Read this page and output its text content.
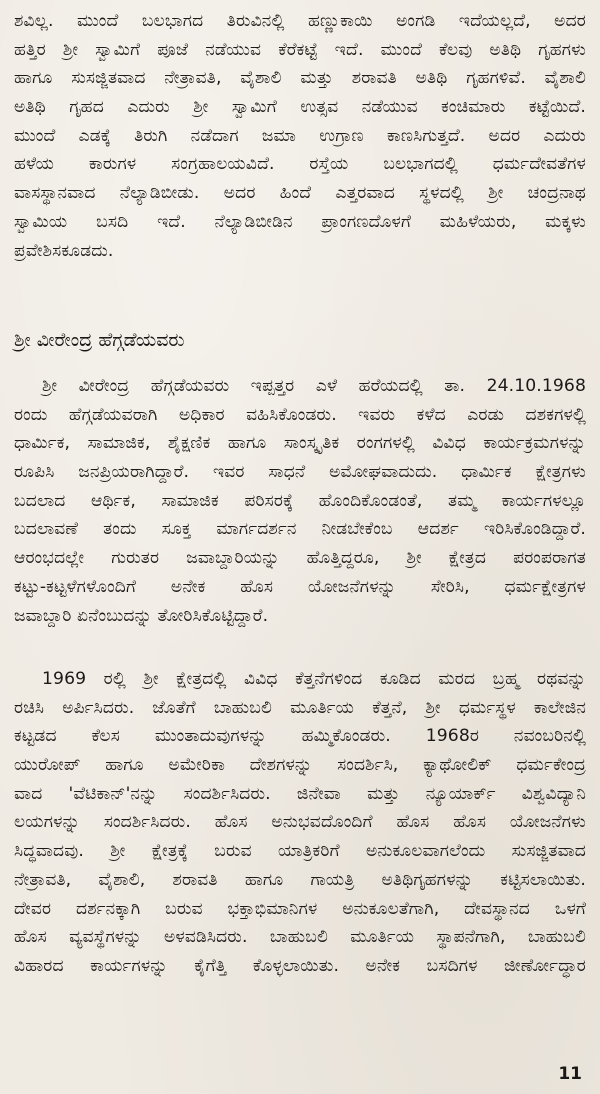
ಶವಿಲ್ಲ. ಮುಂದೆ ಬಲಭಾಗದ ತಿರುವಿನಲ್ಲಿ ಹಣ್ಣುಕಾಯಿ ಅಂಗಡಿ ಇದೆಯಲ್ಲದೆ, ಅದರ
ಹತ್ತಿರ ಶ್ರೀ ಸ್ವಾಮಿಗೆ ಪೂಜೆ ನಡೆಯುವ ಕೆರೆಕಟ್ಟೆ ಇದೆ. ಮುಂದೆ ಕೆಲವು ಅತಿಥಿ ಗೃಹಗಳು
ಹಾಗೂ ಸುಸಜ್ಜಿತವಾದ ನೇತ್ರಾವತಿ, ವೈಶಾಲಿ ಮತ್ತು ಶರಾವತಿ ಅತಿಥಿ ಗೃಹಗಳಿವೆ. ವೈಶಾಲಿ
ಅತಿಥಿ ಗೃಹದ ಎದುರು ಶ್ರೀ ಸ್ವಾಮಿಗೆ ಉತ್ಸವ ನಡೆಯುವ ಕಂಚಿಮಾರು ಕಟ್ಟೆಯಿದೆ.
ಮುಂದೆ ಎಡಕ್ಕೆ ತಿರುಗಿ ನಡೆದಾಗ ಜಮಾ ಉಗ್ರಾಣ ಕಾಣಸಿಗುತ್ತದೆ. ಅದರ ಎದುರು
ಹಳೆಯ ಕಾರುಗಳ ಸಂಗ್ರಹಾಲಯವಿದೆ. ರಸ್ತೆಯ ಬಲಭಾಗದಲ್ಲಿ ಧರ್ಮದೇವತೆಗಳ
ವಾಸಸ್ಥಾನವಾದ ನೆಲ್ಯಾಡಿಬೀಡು. ಅದರ ಹಿಂದೆ ಎತ್ತರವಾದ ಸ್ಥಳದಲ್ಲಿ ಶ್ರೀ ಚಂದ್ರನಾಥ
ಸ್ವಾಮಿಯ ಬಸದಿ ಇದೆ. ನೆಲ್ಯಾಡಿಬೀಡಿನ ಪ್ರಾಂಗಣದೊಳಗೆ ಮಹಿಳೆಯರು, ಮಕ್ಕಳು
ಪ್ರವೇಶಿಸಕೂಡದು.

ಶ್ರೀ ವೀರೇಂದ್ರ ಹೆಗ್ಗಡೆಯವರು

ಶ್ರೀ ವೀರೇಂದ್ರ ಹೆಗ್ಗಡೆಯವರು ಇಪ್ಪತ್ತರ ಎಳೆ ಹರೆಯದಲ್ಲಿ ತಾ. 24.10.1968
ರಂದು ಹೆಗ್ಗಡೆಯವರಾಗಿ ಅಧಿಕಾರ ವಹಿಸಿಕೊಂಡರು. ಇವರು ಕಳೆದ ಎರಡು ದಶಕಗಳಲ್ಲಿ
ಧಾರ್ಮಿಕ, ಸಾಮಾಜಿಕ, ಶೈಕ್ಷಣಿಕ ಹಾಗೂ ಸಾಂಸ್ಕೃತಿಕ ರಂಗಗಳಲ್ಲಿ ವಿವಿಧ ಕಾರ್ಯಕ್ರಮಗಳನ್ನು
ರೂಪಿಸಿ ಜನಪ್ರಿಯರಾಗಿದ್ದಾರೆ. ಇವರ ಸಾಧನೆ ಅಮೋಘವಾದುದು. ಧಾರ್ಮಿಕ ಕ್ಷೇತ್ರಗಳು
ಬದಲಾದ ಆರ್ಥಿಕ, ಸಾಮಾಜಿಕ ಪರಿಸರಕ್ಕೆ ಹೊಂದಿಕೊಂಡಂತೆ, ತಮ್ಮ ಕಾರ್ಯಗಳಲ್ಲೂ
ಬದಲಾವಣೆ ತಂದು ಸೂಕ್ತ ಮಾರ್ಗದರ್ಶನ ನೀಡಬೇಕೆಂಬ ಆದರ್ಶ ಇರಿಸಿಕೊಂಡಿದ್ದಾರೆ.
ಆರಂಭದಲ್ಲೇ ಗುರುತರ ಜವಾಬ್ದಾರಿಯನ್ನು ಹೊತ್ತಿದ್ದರೂ, ಶ್ರೀ ಕ್ಷೇತ್ರದ ಪರಂಪರಾಗತ
ಕಟ್ಟು-ಕಟ್ಟಳೆಗಳೊಂದಿಗೆ ಅನೇಕ ಹೊಸ ಯೋಜನೆಗಳನ್ನು ಸೇರಿಸಿ, ಧರ್ಮಕ್ಷೇತ್ರಗಳ
ಜವಾಬ್ದಾರಿ ಏನೆಂಬುದನ್ನು ತೋರಿಸಿಕೊಟ್ಟಿದ್ದಾರೆ.

1969 ರಲ್ಲಿ ಶ್ರೀ ಕ್ಷೇತ್ರದಲ್ಲಿ ವಿವಿಧ ಕೆತ್ತನೆಗಳಿಂದ ಕೂಡಿದ ಮರದ ಬ್ರಹ್ಮ ರಥವನ್ನು
ರಚಿಸಿ ಅರ್ಪಿಸಿದರು. ಜೊತೆಗೆ ಬಾಹುಬಲಿ ಮೂರ್ತಿಯ ಕೆತ್ತನೆ, ಶ್ರೀ ಧರ್ಮಸ್ಥಳ ಕಾಲೇಜಿನ
ಕಟ್ಟಡದ ಕೆಲಸ ಮುಂತಾದುವುಗಳನ್ನು ಹಮ್ಮಿಕೊಂಡರು. 1968ರ ನವಂಬರಿನಲ್ಲಿ
ಯುರೋಪ್ ಹಾಗೂ ಅಮೇರಿಕಾ ದೇಶಗಳನ್ನು ಸಂದರ್ಶಿಸಿ, ಕ್ಯಾಥೋಲಿಕ್ ಧರ್ಮಕೇಂದ್ರ
ವಾದ 'ವೆಟಿಕಾನ್'ನನ್ನು ಸಂದರ್ಶಿಸಿದರು. ಜಿನೇವಾ ಮತ್ತು ನ್ಯೂಯಾರ್ಕ್ ವಿಶ್ವವಿದ್ಯಾನಿ
ಲಯಗಳನ್ನು ಸಂದರ್ಶಿಸಿದರು. ಹೊಸ ಅನುಭವದೊಂದಿಗೆ ಹೊಸ ಹೊಸ ಯೋಜನೆಗಳು
ಸಿದ್ಧವಾದವು. ಶ್ರೀ ಕ್ಷೇತ್ರಕ್ಕೆ ಬರುವ ಯಾತ್ರಿಕರಿಗೆ ಅನುಕೂಲವಾಗಲೆಂದು ಸುಸಜ್ಜಿತವಾದ
ನೇತ್ರಾವತಿ, ವೈಶಾಲಿ, ಶರಾವತಿ ಹಾಗೂ ಗಾಯತ್ರಿ ಅತಿಥಿಗೃಹಗಳನ್ನು ಕಟ್ಟಿಸಲಾಯಿತು.
ದೇವರ ದರ್ಶನಕ್ಕಾಗಿ ಬರುವ ಭಕ್ತಾಭಿಮಾನಿಗಳ ಅನುಕೂಲತೆಗಾಗಿ, ದೇವಸ್ಥಾನದ ಒಳಗೆ
ಹೊಸ ವ್ಯವಸ್ಥೆಗಳನ್ನು ಅಳವಡಿಸಿದರು. ಬಾಹುಬಲಿ ಮೂರ್ತಿಯ ಸ್ಥಾಪನೆಗಾಗಿ, ಬಾಹುಬಲಿ
ವಿಹಾರದ ಕಾರ್ಯಗಳನ್ನು ಕೈಗೆತ್ತಿ ಕೊಳ್ಳಲಾಯಿತು. ಅನೇಕ ಬಸದಿಗಳ ಜೀರ್ಣೋದ್ಧಾರ

11
